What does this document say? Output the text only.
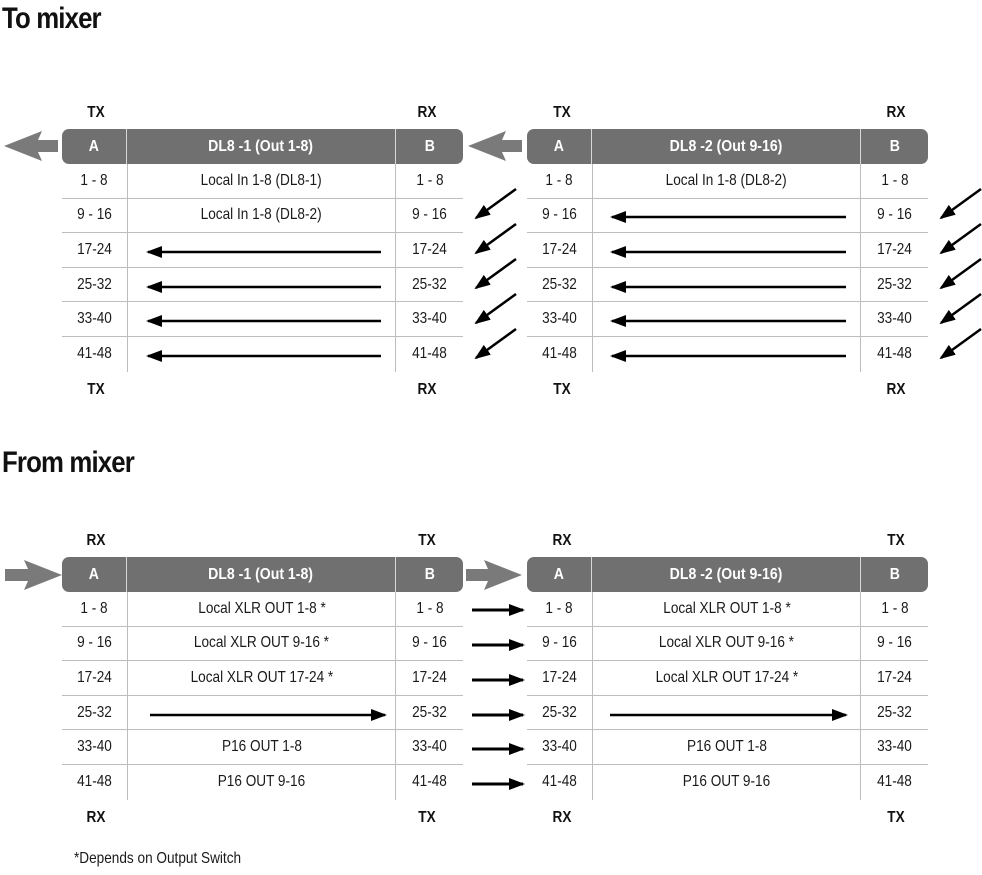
To mixer
TX	RX
TX	RX
TX	RX
TX	RX
A	DL8 -1 (Out 1-8)	B
1 - 8	Local In 1-8 (DL8-1)	1 - 8
9 - 16	Local In 1-8 (DL8-2)	9 - 16
17-24	17-24
25-32	25-32
33-40	33-40
41-48	41-48
A	DL8 -2 (Out 9-16)	B
1 - 8	Local In 1-8 (DL8-2)	1 - 8
9 - 16	9 - 16
17-24	17-24
25-32	25-32
33-40	33-40
41-48	41-48
From mixer
RX	TX
RX	TX
RX	TX
RX	TX
A	DL8 -1 (Out 1-8)	B
1 - 8	Local XLR OUT 1-8 *	1 - 8
9 - 16	Local XLR OUT 9-16 *	9 - 16
17-24	Local XLR OUT 17-24 *	17-24
25-32	25-32
33-40	P16 OUT 1-8	33-40
41-48	P16 OUT 9-16	41-48
A	DL8 -2 (Out 9-16)	B
1 - 8	Local XLR OUT 1-8 *	1 - 8
9 - 16	Local XLR OUT 9-16 *	9 - 16
17-24	Local XLR OUT 17-24 *	17-24
25-32	25-32
33-40	P16 OUT 1-8	33-40
41-48	P16 OUT 9-16	41-48
*Depends on Output Switch
